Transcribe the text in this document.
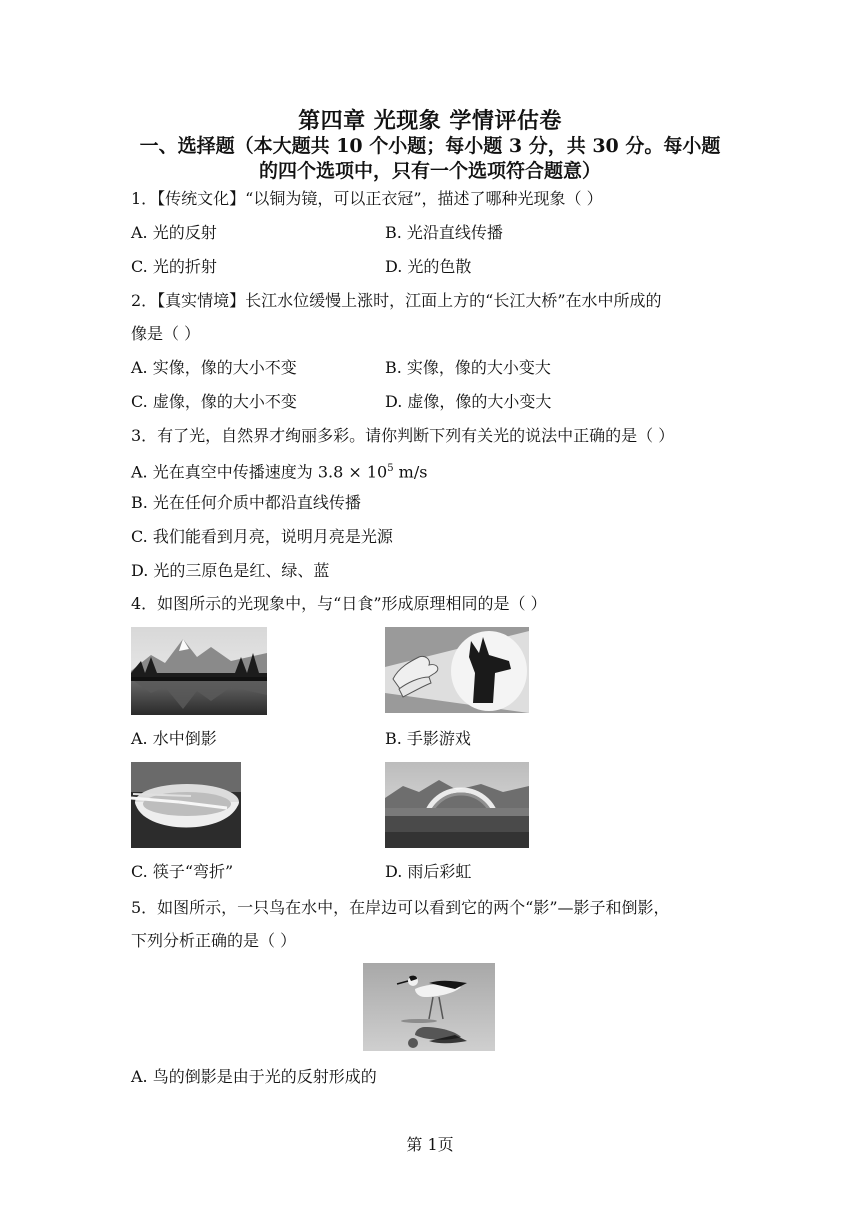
第四章 光现象 学情评估卷
一、选择题（本大题共 10 个小题；每小题 3 分，共 30 分。每小题
的四个选项中，只有一个选项符合题意）
1．【传统文化】“以铜为镜，可以正衣冠”，描述了哪种光现象（ ）
A. 光的反射	B. 光沿直线传播
C. 光的折射	D. 光的色散
2．【真实情境】长江水位缓慢上涨时，江面上方的“长江大桥”在水中所成的
像是（ ）
A. 实像，像的大小不变	B. 实像，像的大小变大
C. 虚像，像的大小不变	D. 虚像，像的大小变大
3．有了光，自然界才绚丽多彩。请你判断下列有关光的说法中正确的是（ ）
A. 光在真空中传播速度为 $3.8 \times 10^5$ m/s
B. 光在任何介质中都沿直线传播
C. 我们能看到月亮，说明月亮是光源
D. 光的三原色是红、绿、蓝
4．如图所示的光现象中，与“日食”形成原理相同的是（ ）
A. 水中倒影	B. 手影游戏
C. 筷子“弯折”	D. 雨后彩虹
5．如图所示，一只鸟在水中，在岸边可以看到它的两个“影”—影子和倒影，
下列分析正确的是（ ）
A. 鸟的倒影是由于光的反射形成的
第 1页
